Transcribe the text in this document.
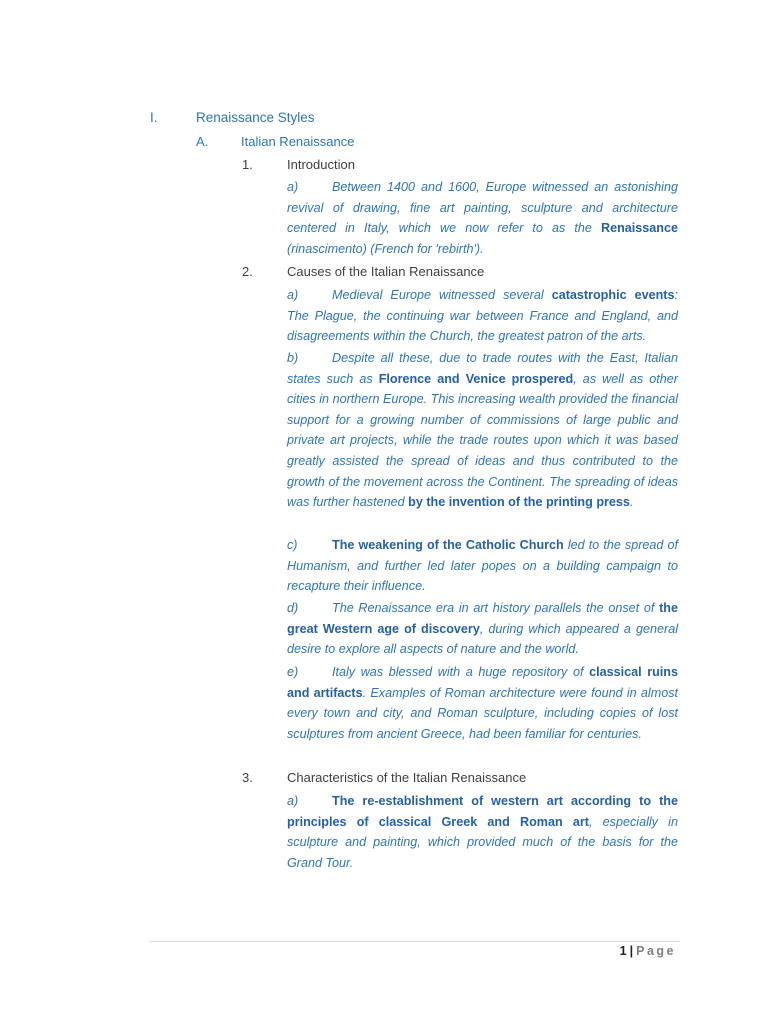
I.	Renaissance Styles
A.	Italian Renaissance
1.	Introduction
a)	Between 1400 and 1600, Europe witnessed an astonishing revival of drawing, fine art painting, sculpture and architecture centered in Italy, which we now refer to as the Renaissance (rinascimento) (French for 'rebirth').
2.	Causes of the Italian Renaissance
a)	Medieval Europe witnessed several catastrophic events: The Plague, the continuing war between France and England, and disagreements within the Church, the greatest patron of the arts.
b)	Despite all these, due to trade routes with the East, Italian states such as Florence and Venice prospered, as well as other cities in northern Europe. This increasing wealth provided the financial support for a growing number of commissions of large public and private art projects, while the trade routes upon which it was based greatly assisted the spread of ideas and thus contributed to the growth of the movement across the Continent. The spreading of ideas was further hastened by the invention of the printing press.
c)	The weakening of the Catholic Church led to the spread of Humanism, and further led later popes on a building campaign to recapture their influence.
d)	The Renaissance era in art history parallels the onset of the great Western age of discovery, during which appeared a general desire to explore all aspects of nature and the world.
e)	Italy was blessed with a huge repository of classical ruins and artifacts. Examples of Roman architecture were found in almost every town and city, and Roman sculpture, including copies of lost sculptures from ancient Greece, had been familiar for centuries.
3.	Characteristics of the Italian Renaissance
a)	The re-establishment of western art according to the principles of classical Greek and Roman art, especially in sculpture and painting, which provided much of the basis for the Grand Tour.
1 | Page
